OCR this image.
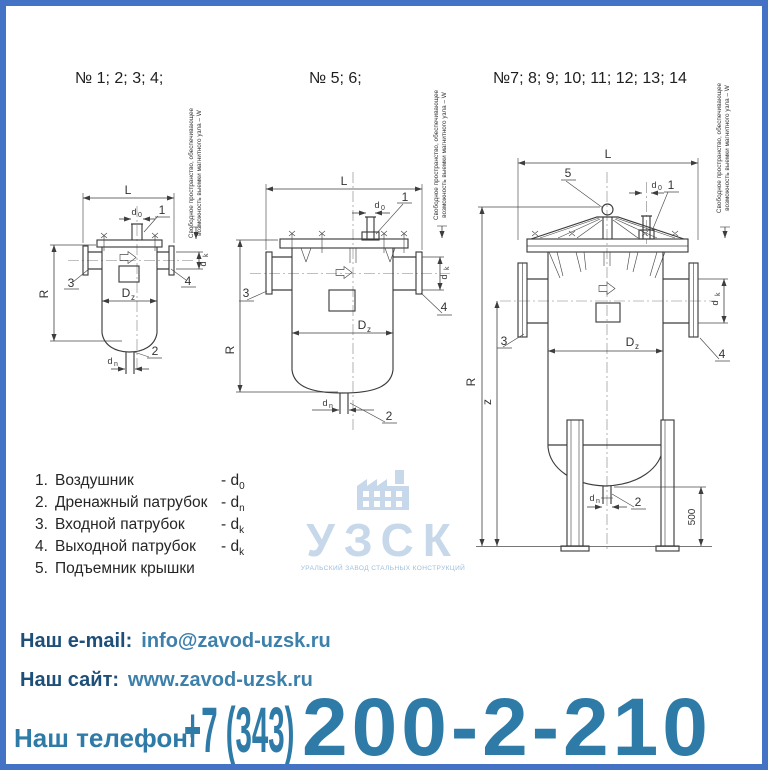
№ 1; 2; 3; 4;	№ 5; 6;	№7; 8; 9; 10; 11; 12; 13; 14
L
R	D z
d 0
d n
d
k
1
2
3	4
Свободное пространство, обеспечивающее возможность выемки магнитного узла – W	L
R
D z
d 0
d n
d
k
1
2
3
4
Свободное пространство, обеспечивающее возможность выемки магнитного узла – W	L
R
z
D z
d 0
d n
d
k
500
1
2
3
4
5	Свободное пространство, обеспечивающее возможность выемки магнитного узла – W
1. Воздушник	- $d_0$
2. Дренажный патрубок - $d_n$
3. Входной патрубок	- $d_k$
4. Выходной патрубок	- $d_k$
5. Подъемник крышки
УЗСК
УРАЛЬСКИЙ ЗАВОД СТАЛЬНЫХ КОНСТРУКЦИЙ
Наш e-mail: info@zavod-uzsk.ru
Наш сайт: www.zavod-uzsk.ru
Наш телефон:
+7 (343) 200-2-210
